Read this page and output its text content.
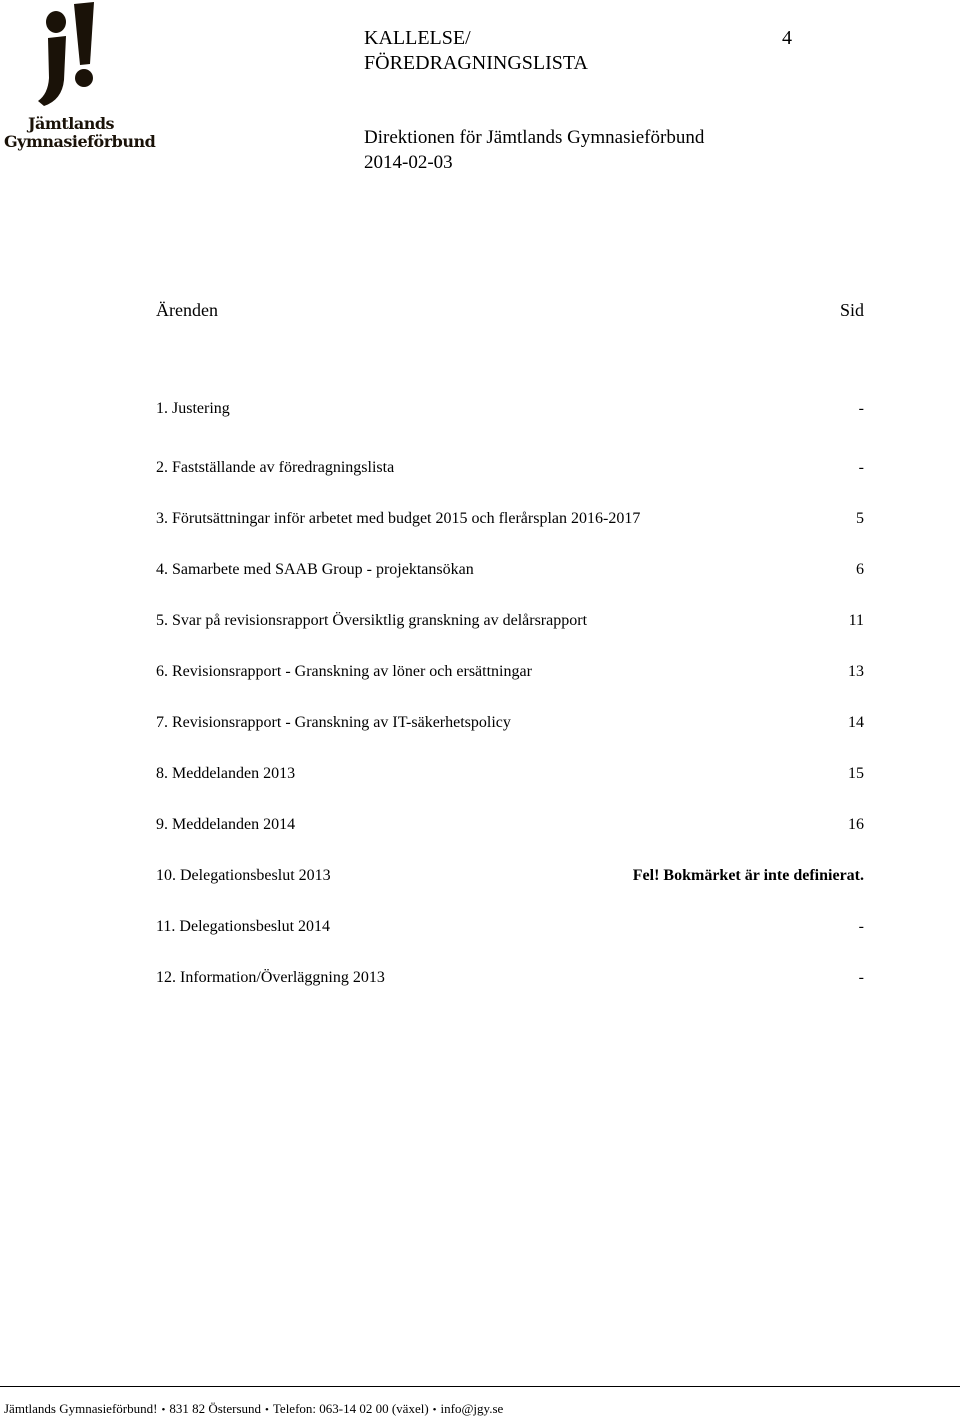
Jämtlands
Gymnasieförbund
KALLELSE/
FÖREDRAGNINGSLISTA
4
Direktionen för Jämtlands Gymnasieförbund
2014-02-03
Ärenden	Sid
1. Justering	-
2. Fastställande av föredragningslista	-
3. Förutsättningar inför arbetet med budget 2015 och flerårsplan 2016-2017	5
4. Samarbete med SAAB Group - projektansökan	6
5. Svar på revisionsrapport Översiktlig granskning av delårsrapport	11
6. Revisionsrapport - Granskning av löner och ersättningar	13
7. Revisionsrapport - Granskning av IT-säkerhetspolicy	14
8. Meddelanden 2013	15
9. Meddelanden 2014	16
10. Delegationsbeslut 2013	Fel! Bokmärket är inte definierat.
11. Delegationsbeslut 2014	-
12. Information/Överläggning 2013	-
Jämtlands Gymnasieförbund! • 831 82 Östersund • Telefon: 063-14 02 00 (växel) • info@jgy.se
